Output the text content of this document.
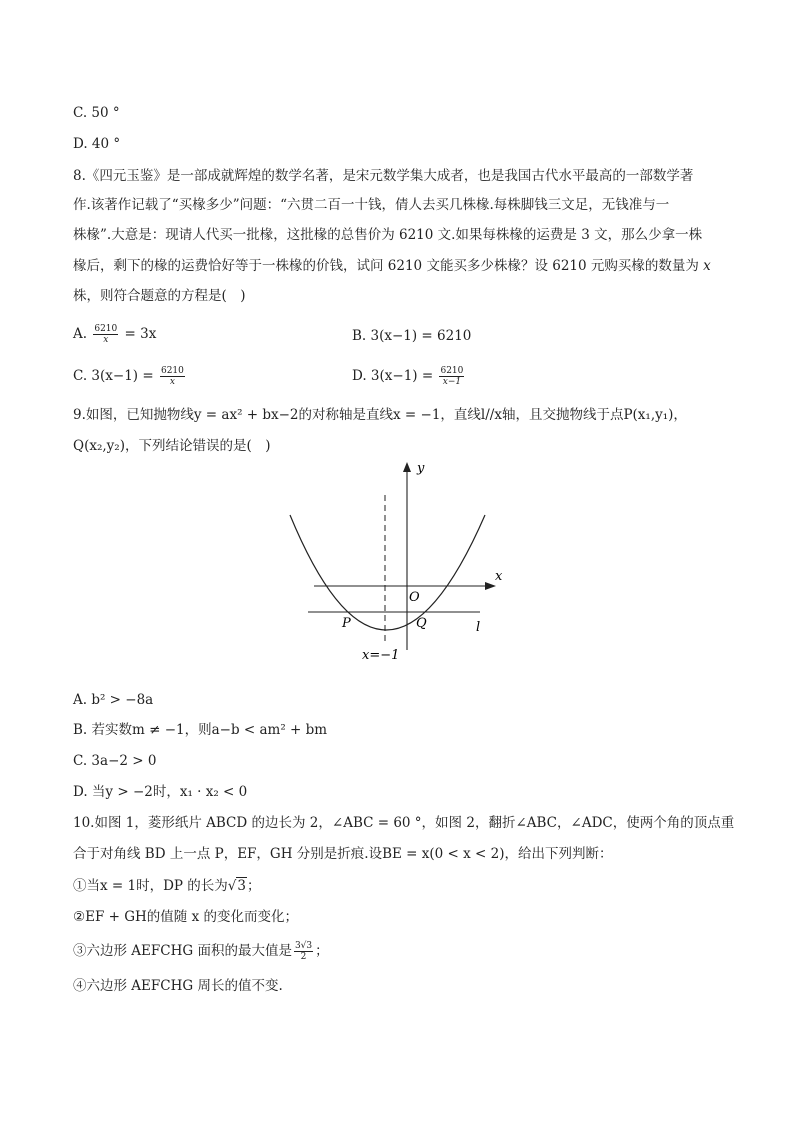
C. 50 °
D. 40 °
8.《四元玉鉴》是一部成就辉煌的数学名著，是宋元数学集大成者，也是我国古代水平最高的一部数学著
作.该著作记载了“买椽多少”问题：“六贯二百一十钱，倩人去买几株椽.每株脚钱三文足，无钱准与一
株椽”.大意是：现请人代买一批椽，这批椽的总售价为 6210 文.如果每株椽的运费是 3 文，那么少拿一株
椽后，剩下的椽的运费恰好等于一株椽的价钱，试问 6210 文能买多少株椽？设 6210 元购买椽的数量为 x
株，则符合题意的方程是(　)
A. $\frac{6210}{x} = 3x$	B. 3(x−1) = 6210
C. $3(x-1) = \frac{6210}{x}$	D. $3(x-1) = \frac{6210}{x-1}$
9.如图，已知抛物线y = ax² + bx−2的对称轴是直线x = −1，直线l//x轴，且交抛物线于点P(x₁,y₁)，
Q(x₂,y₂)，下列结论错误的是(　)
y
x
O
l
P	Q
x=−1
A. b² > −8a
B. 若实数m ≠ −1，则a−b < am² + bm
C. 3a−2 > 0
D. 当y > −2时，x₁ · x₂ < 0
10.如图 1，菱形纸片 ABCD 的边长为 2，∠ABC = 60 °，如图 2，翻折∠ABC，∠ADC，使两个角的顶点重
合于对角线 BD 上一点 P，EF，GH 分别是折痕.设BE = x(0 < x < 2)，给出下列判断：
①当x = 1时，DP 的长为√3；
②EF + GH的值随 x 的变化而变化；
③六边形 AEFCHG 面积的最大值是 $\frac{3√3}{2}$ ；
④六边形 AEFCHG 周长的值不变.
